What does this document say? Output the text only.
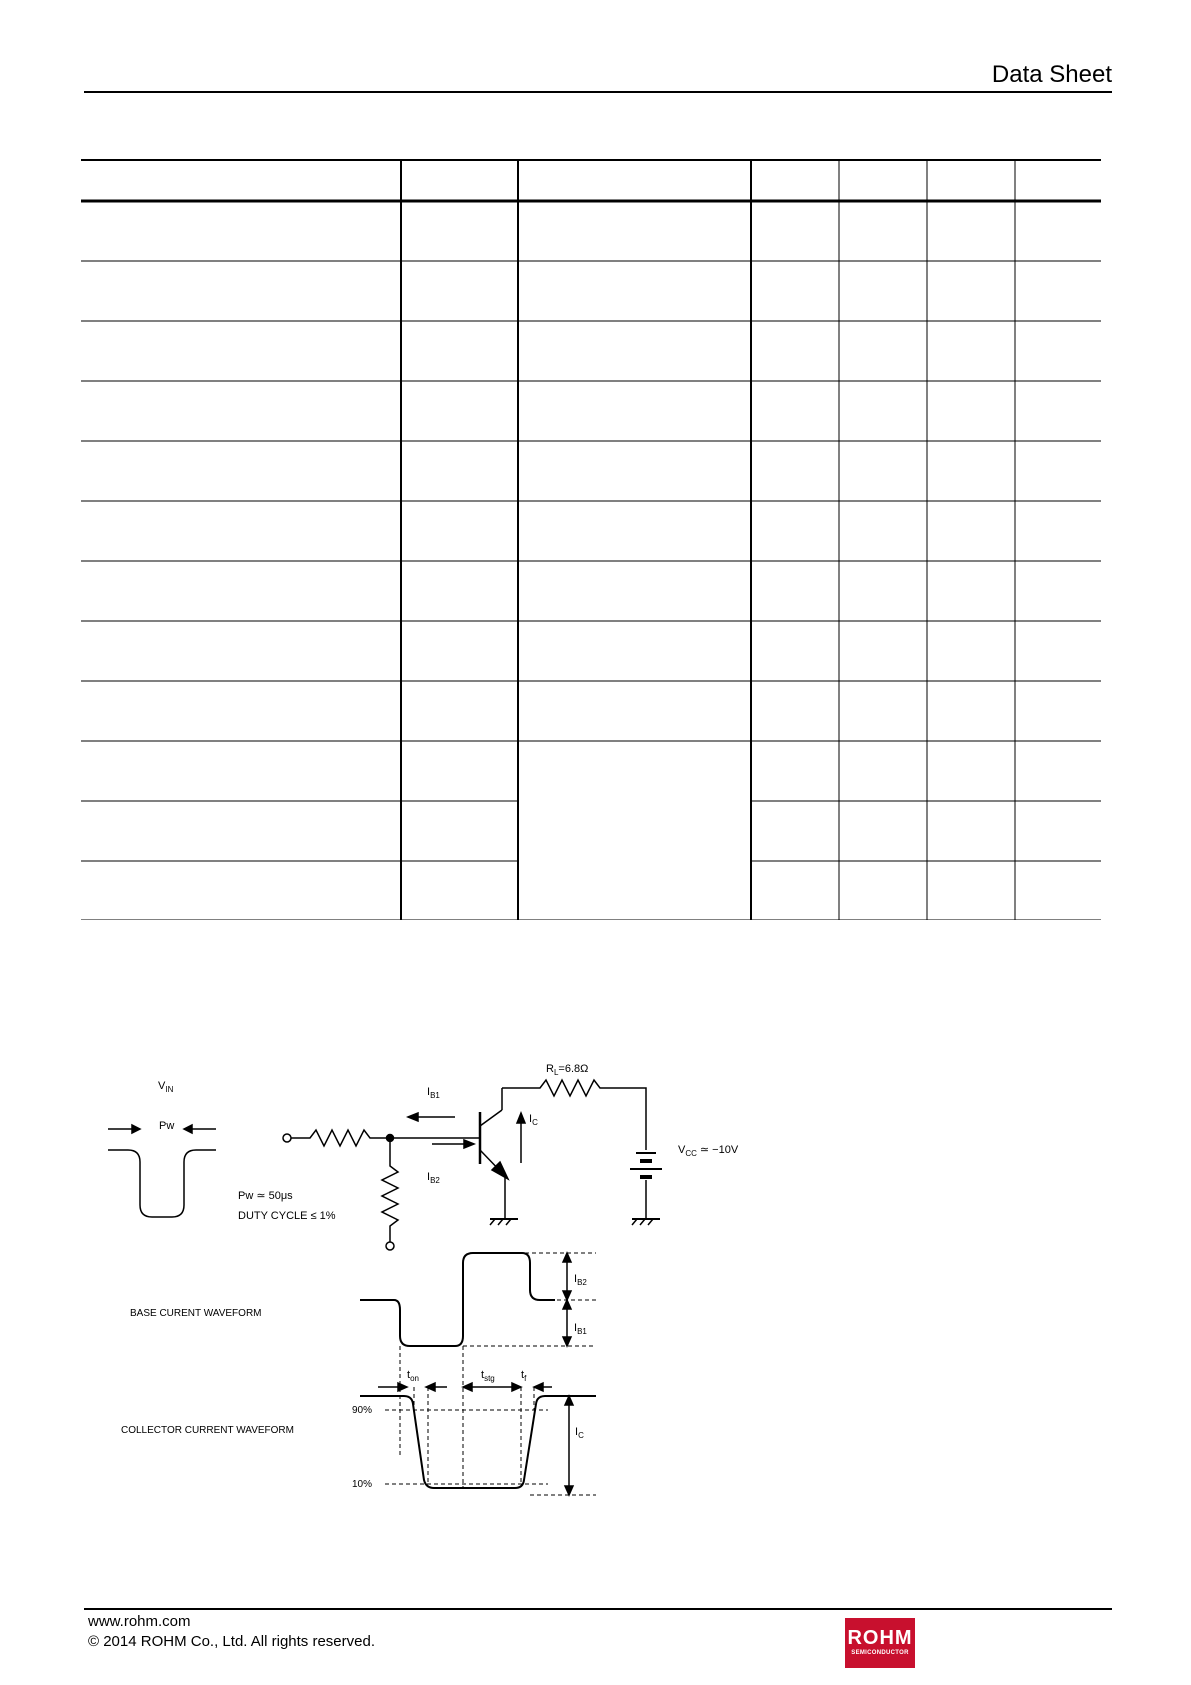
Data Sheet
$V_{IN}$
Pw
$I_{B1}$
$I_{B2}$
$I_C$
$R_L=6.8\Omega$
$V_{CC}$ ≃ −10V
Pw ≃ 50μs
DUTY CYCLE ≤ 1%
BASE CURENT WAVEFORM
COLLECTOR CURRENT WAVEFORM
90%
10%
$t_{on}$	$t_{stg}$ $t_f$
$I_{B2}$
$I_{B1}$
$I_C$
www.rohm.com
© 2014 ROHM Co., Ltd. All rights reserved.	ROHM
SEMICONDUCTOR
